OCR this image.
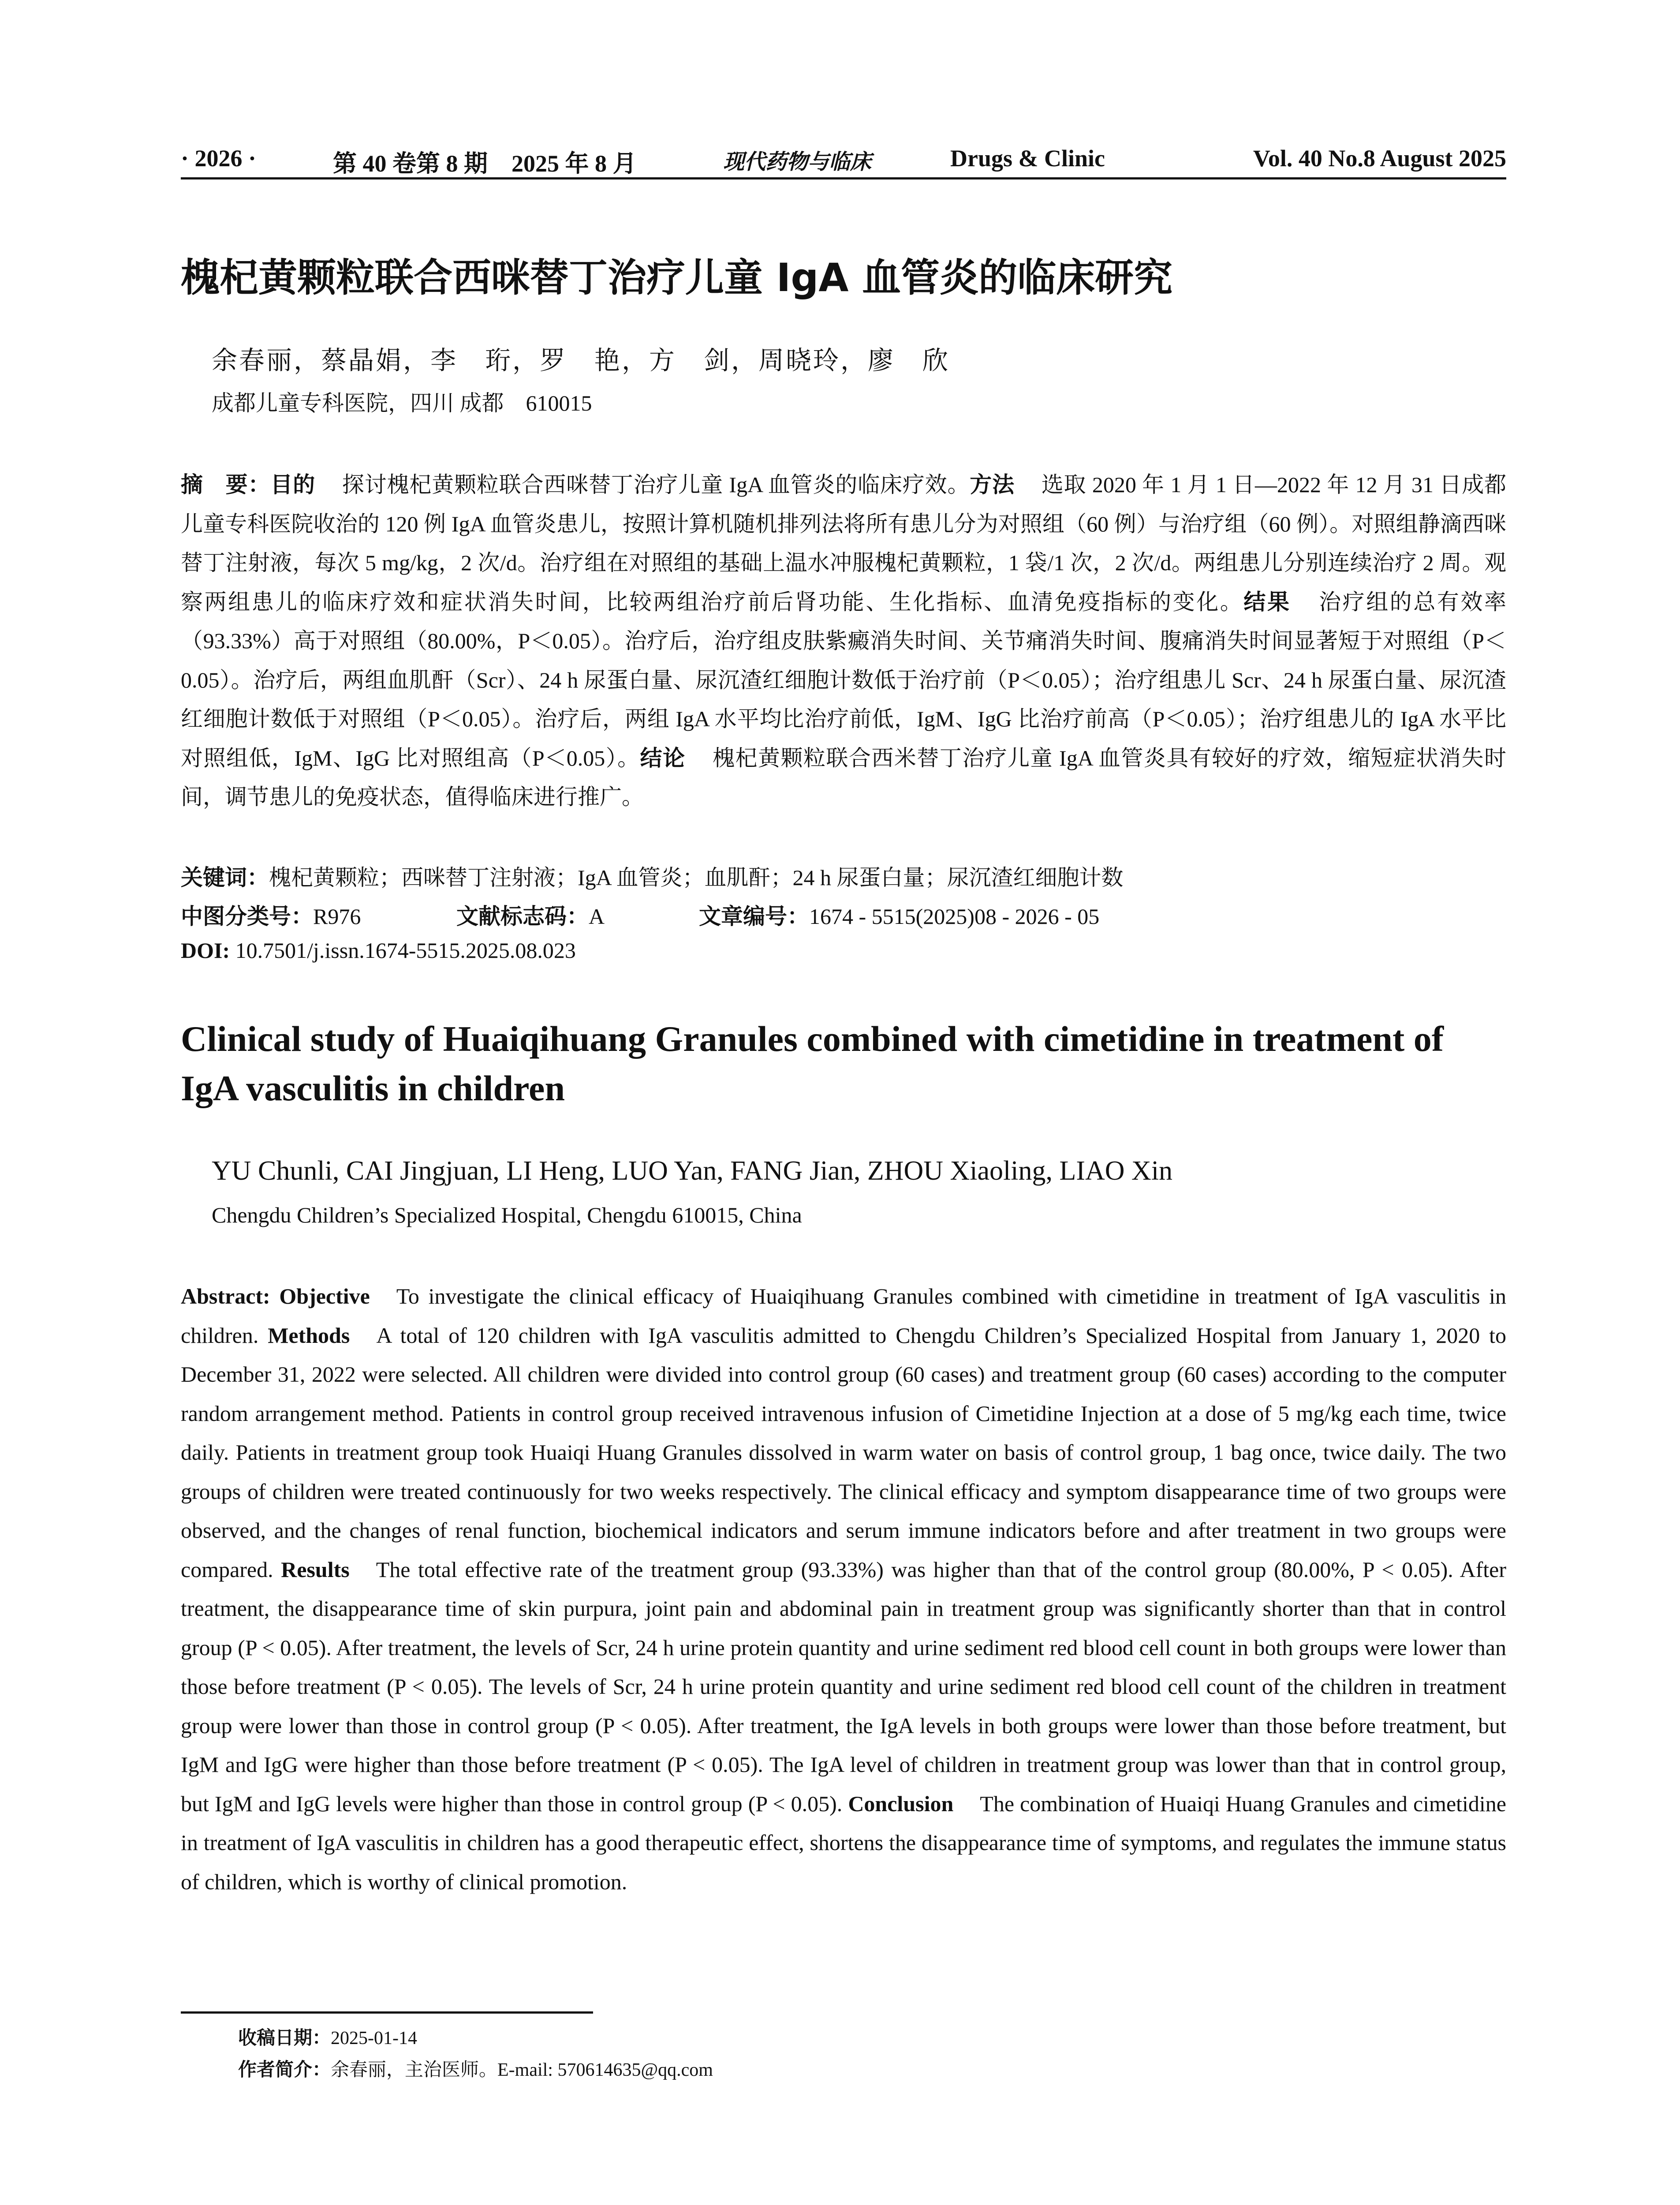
· 2026 ·	第 40 卷第 8 期　2025 年 8 月	现代药物与临床	Drugs & Clinic	Vol. 40 No.8 August 2025
槐杞黄颗粒联合西咪替丁治疗儿童 IgA 血管炎的临床研究
余春丽，蔡晶娟，李　珩，罗　艳，方　剑，周晓玲，廖　欣
成都儿童专科医院，四川 成都　610015
摘　要：目的 探讨槐杞黄颗粒联合西咪替丁治疗儿童 IgA 血管炎的临床疗效。方法 选取 2020 年 1 月 1 日—2022 年 12 月 31 日成都儿童专科医院收治的 120 例 IgA 血管炎患儿，按照计算机随机排列法将所有患儿分为对照组（60 例）与治疗组（60 例）。对照组静滴西咪替丁注射液，每次 5 mg/kg，2 次/d。治疗组在对照组的基础上温水冲服槐杞黄颗粒，1 袋/1 次，2 次/d。两组患儿分别连续治疗 2 周。观察两组患儿的临床疗效和症状消失时间，比较两组治疗前后肾功能、生化指标、血清免疫指标的变化。结果 治疗组的总有效率（93.33%）高于对照组（80.00%，P＜0.05）。治疗后，治疗组皮肤紫癜消失时间、关节痛消失时间、腹痛消失时间显著短于对照组（P＜0.05）。治疗后，两组血肌酐（Scr）、24 h 尿蛋白量、尿沉渣红细胞计数低于治疗前（P＜0.05）；治疗组患儿 Scr、24 h 尿蛋白量、尿沉渣红细胞计数低于对照组（P＜0.05）。治疗后，两组 IgA 水平均比治疗前低，IgM、IgG 比治疗前高（P＜0.05）；治疗组患儿的 IgA 水平比对照组低，IgM、IgG 比对照组高（P＜0.05）。结论 槐杞黄颗粒联合西米替丁治疗儿童 IgA 血管炎具有较好的疗效，缩短症状消失时间，调节患儿的免疫状态，值得临床进行推广。
关键词：槐杞黄颗粒；西咪替丁注射液；IgA 血管炎；血肌酐；24 h 尿蛋白量；尿沉渣红细胞计数
中图分类号：R976	文献标志码：A	文章编号：1674 - 5515(2025)08 - 2026 - 05
DOI: 10.7501/j.issn.1674-5515.2025.08.023
Clinical study of Huaiqihuang Granules combined with cimetidine in treatment of IgA vasculitis in children
YU Chunli, CAI Jingjuan, LI Heng, LUO Yan, FANG Jian, ZHOU Xiaoling, LIAO Xin
Chengdu Children’s Specialized Hospital, Chengdu 610015, China
Abstract: Objective To investigate the clinical efficacy of Huaiqihuang Granules combined with cimetidine in treatment of IgA vasculitis in children. Methods A total of 120 children with IgA vasculitis admitted to Chengdu Children’s Specialized Hospital from January 1, 2020 to December 31, 2022 were selected. All children were divided into control group (60 cases) and treatment group (60 cases) according to the computer random arrangement method. Patients in control group received intravenous infusion of Cimetidine Injection at a dose of 5 mg/kg each time, twice daily. Patients in treatment group took Huaiqi Huang Granules dissolved in warm water on basis of control group, 1 bag once, twice daily. The two groups of children were treated continuously for two weeks respectively. The clinical efficacy and symptom disappearance time of two groups were observed, and the changes of renal function, biochemical indicators and serum immune indicators before and after treatment in two groups were compared. Results The total effective rate of the treatment group (93.33%) was higher than that of the control group (80.00%, P < 0.05). After treatment, the disappearance time of skin purpura, joint pain and abdominal pain in treatment group was significantly shorter than that in control group (P < 0.05). After treatment, the levels of Scr, 24 h urine protein quantity and urine sediment red blood cell count in both groups were lower than those before treatment (P < 0.05). The levels of Scr, 24 h urine protein quantity and urine sediment red blood cell count of the children in treatment group were lower than those in control group (P < 0.05). After treatment, the IgA levels in both groups were lower than those before treatment, but IgM and IgG were higher than those before treatment (P < 0.05). The IgA level of children in treatment group was lower than that in control group, but IgM and IgG levels were higher than those in control group (P < 0.05). Conclusion The combination of Huaiqi Huang Granules and cimetidine in treatment of IgA vasculitis in children has a good therapeutic effect, shortens the disappearance time of symptoms, and regulates the immune status of children, which is worthy of clinical promotion.
收稿日期：2025-01-14
作者简介：余春丽，主治医师。E-mail: 570614635@qq.com
